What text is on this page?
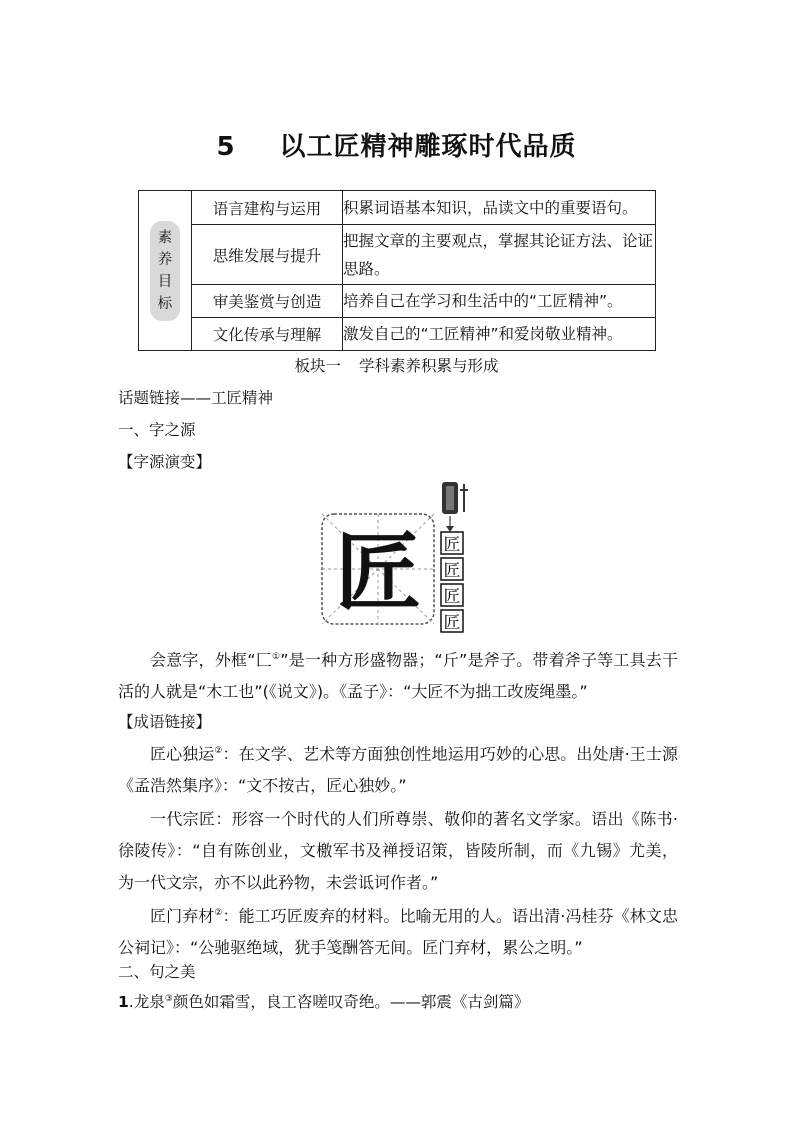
5 以工匠精神雕琢时代品质
素
养
目
标	语言建构与运用	积累词语基本知识，品读文中的重要语句。
	思维发展与提升	把握文章的主要观点，掌握其论证方法、论证思路。
	审美鉴赏与创造	培养自己在学习和生活中的“工匠精神”。
	文化传承与理解	激发自己的“工匠精神”和爱岗敬业精神。
板块一 学科素养积累与形成
话题链接——工匠精神
一、字之源
【字源演变】
匠 匠
匠
匠
匠

会意字，外框“匚①”是一种方形盛物器；“斤”是斧子。带着斧子等工具去干活的人就是“木工也”(《说文》)。《孟子》：“大匠不为拙工改废绳墨。”

【成语链接】

匠心独运②：在文学、艺术等方面独创性地运用巧妙的心思。出处唐·王士源《孟浩然集序》：“文不按古，匠心独妙。”

一代宗匠：形容一个时代的人们所尊崇、敬仰的著名文学家。语出《陈书·徐陵传》：“自有陈创业，文檄军书及禅授诏策，皆陵所制，而《九锡》尤美，为一代文宗，亦不以此矜物，未尝诋诃作者。”

匠门弃材②：能工巧匠废弃的材料。比喻无用的人。语出清·冯桂芬《林文忠公祠记》：“公驰驱绝域，犹手笺酬答无间。匠门弃材，累公之明。”

二、句之美
1.龙泉③颜色如霜雪，良工咨嗟叹奇绝。——郭震《古剑篇》
